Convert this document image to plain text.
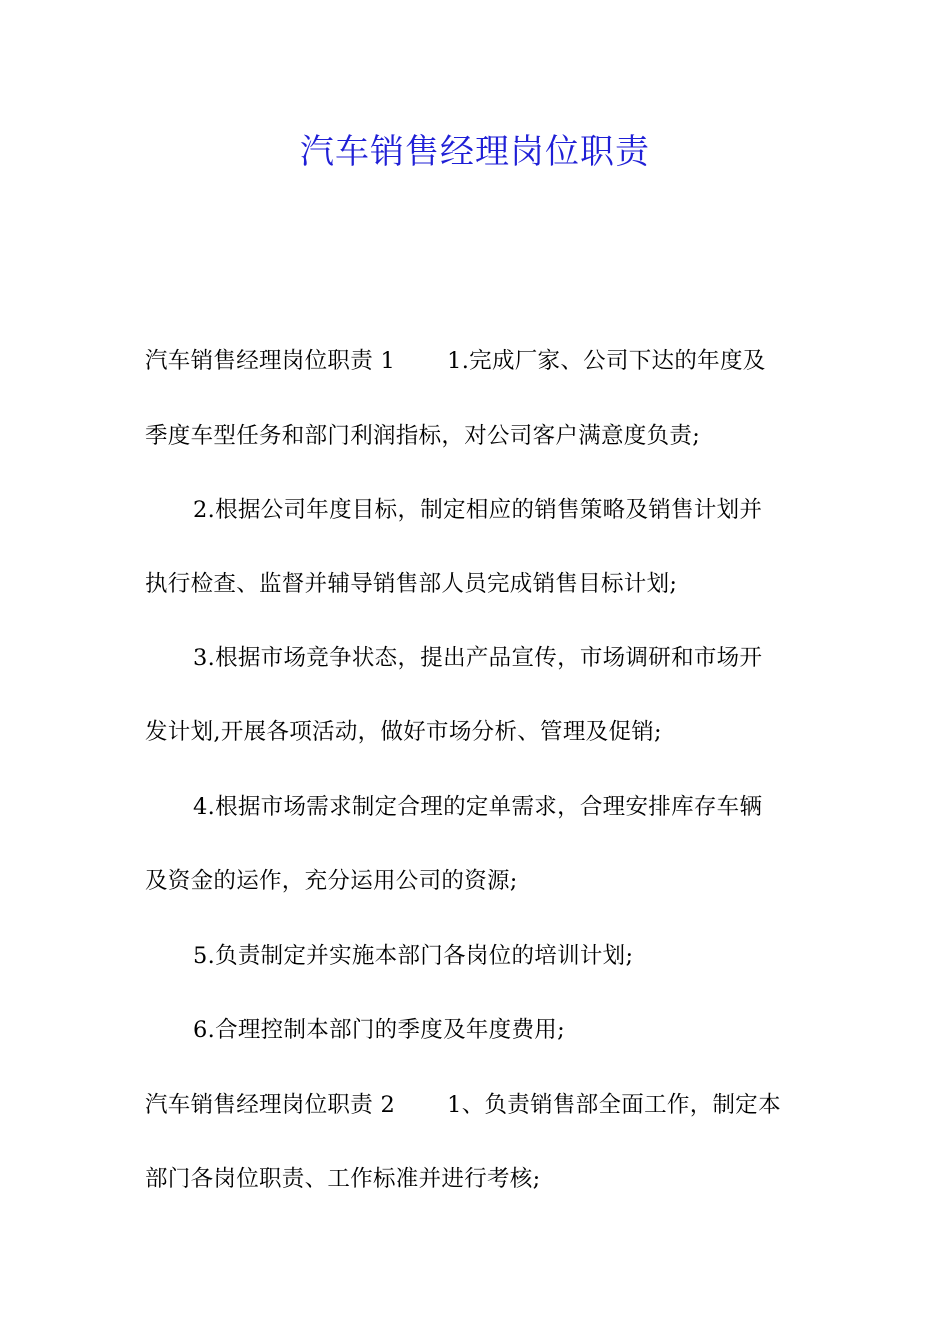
汽车销售经理岗位职责
汽车销售经理岗位职责 1 1.完成厂家、公司下达的年度及
季度车型任务和部门利润指标，对公司客户满意度负责;
2.根据公司年度目标，制定相应的销售策略及销售计划并
执行检查、监督并辅导销售部人员完成销售目标计划;
3.根据市场竞争状态，提出产品宣传，市场调研和市场开
发计划,开展各项活动，做好市场分析、管理及促销;
4.根据市场需求制定合理的定单需求，合理安排库存车辆
及资金的运作，充分运用公司的资源;
5.负责制定并实施本部门各岗位的培训计划;
6.合理控制本部门的季度及年度费用;
汽车销售经理岗位职责 2 1、负责销售部全面工作，制定本
部门各岗位职责、工作标准并进行考核;
